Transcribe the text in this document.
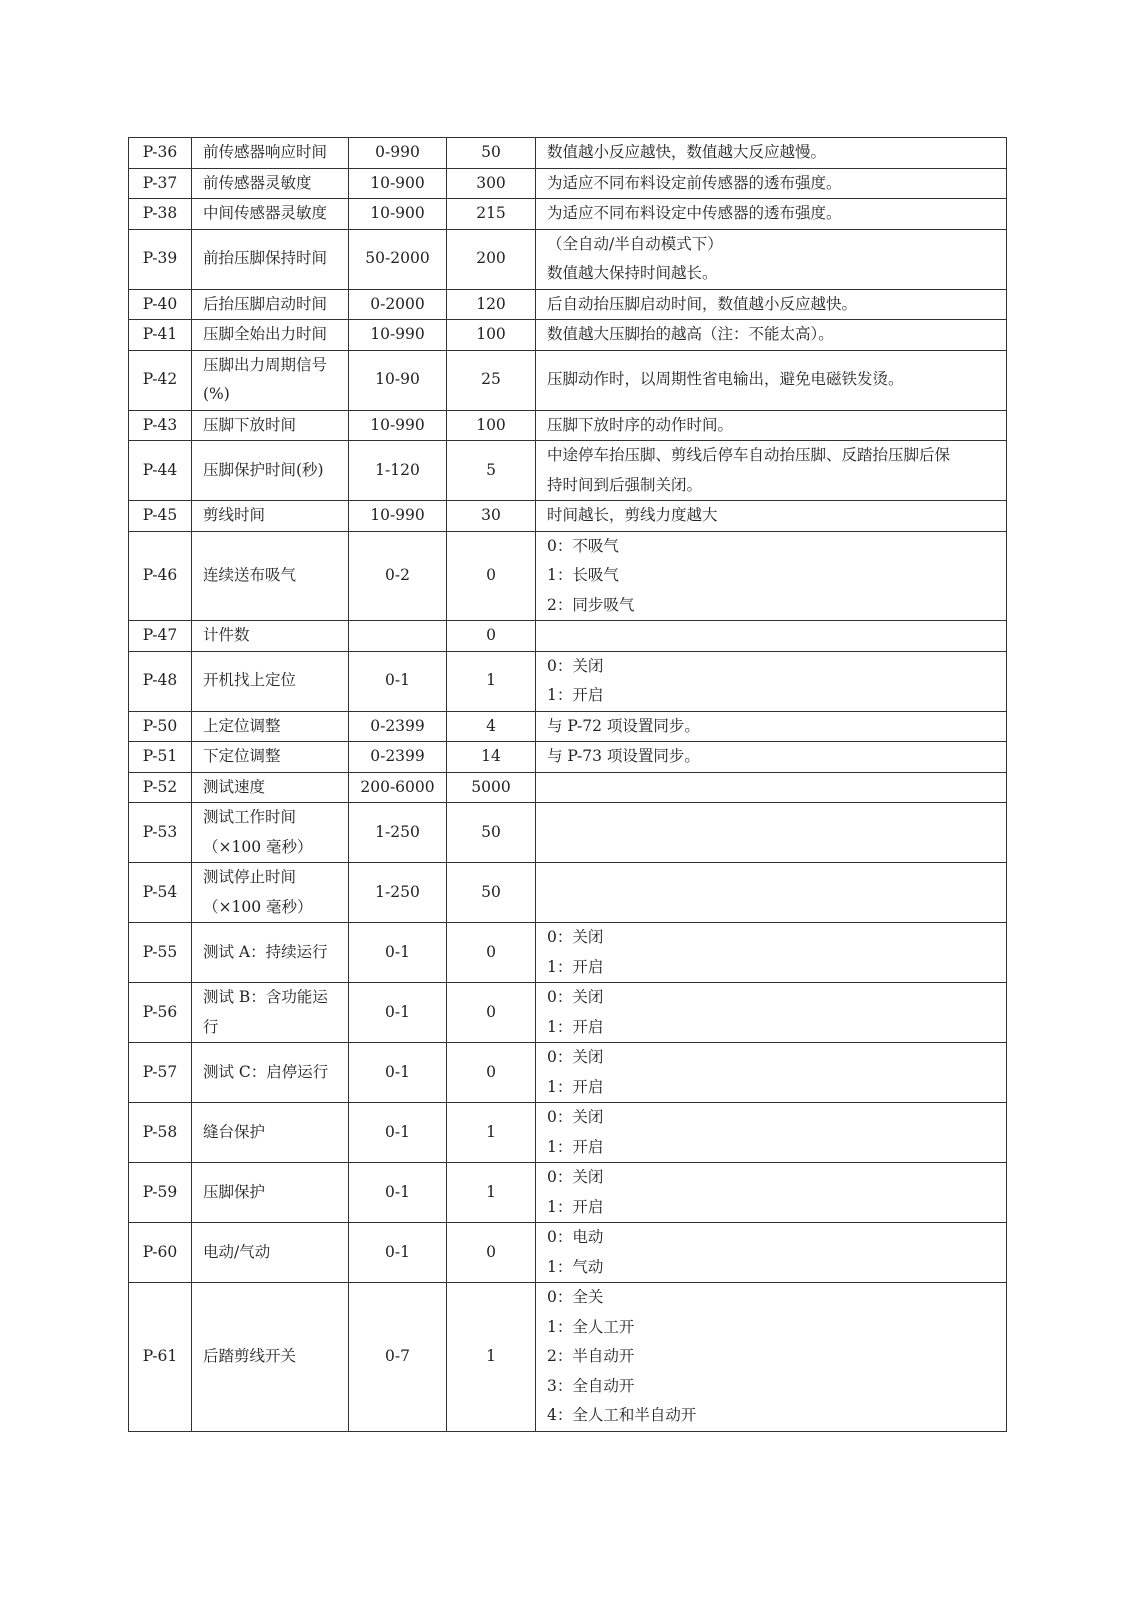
P-36	前传感器响应时间	0-990	50	数值越小反应越快，数值越大反应越慢。

P-37	前传感器灵敏度	10-900	300	为适应不同布料设定前传感器的透布强度。

P-38	中间传感器灵敏度	10-900	215	为适应不同布料设定中传感器的透布强度。

P-39	前抬压脚保持时间	50-2000	200	（全自动/半自动模式下）
数值越大保持时间越长。

P-40	后抬压脚启动时间	0-2000	120	后自动抬压脚启动时间，数值越小反应越快。

P-41	压脚全始出力时间	10-990	100	数值越大压脚抬的越高（注：不能太高）。

P-42	压脚出力周期信号
(%)	10-90	25	压脚动作时，以周期性省电输出，避免电磁铁发烫。

P-43	压脚下放时间	10-990	100	压脚下放时序的动作时间。

P-44	压脚保护时间(秒)	1-120	5	中途停车抬压脚、剪线后停车自动抬压脚、反踏抬压脚后保
持时间到后强制关闭。

P-45	剪线时间	10-990	30	时间越长，剪线力度越大

P-46	连续送布吸气	0-2	0	0：不吸气
1：长吸气
2：同步吸气

P-47	计件数		0	

P-48	开机找上定位	0-1	1	0：关闭
1：开启

P-50	上定位调整	0-2399	4	与 P-72 项设置同步。

P-51	下定位调整	0-2399	14	与 P-73 项设置同步。

P-52	测试速度	200-6000	5000	

P-53	测试工作时间
（×100 毫秒）	1-250	50	

P-54	测试停止时间
（×100 毫秒）	1-250	50	

P-55	测试 A：持续运行	0-1	0	0：关闭
1：开启

P-56	测试 B：含功能运
行	0-1	0	0：关闭
1：开启

P-57	测试 C：启停运行	0-1	0	0：关闭
1：开启

P-58	缝台保护	0-1	1	0：关闭
1：开启

P-59	压脚保护	0-1	1	0：关闭
1：开启

P-60	电动/气动	0-1	0	0：电动
1：气动

P-61	后踏剪线开关	0-7	1	0：全关
1：全人工开
2：半自动开
3：全自动开
4：全人工和半自动开
